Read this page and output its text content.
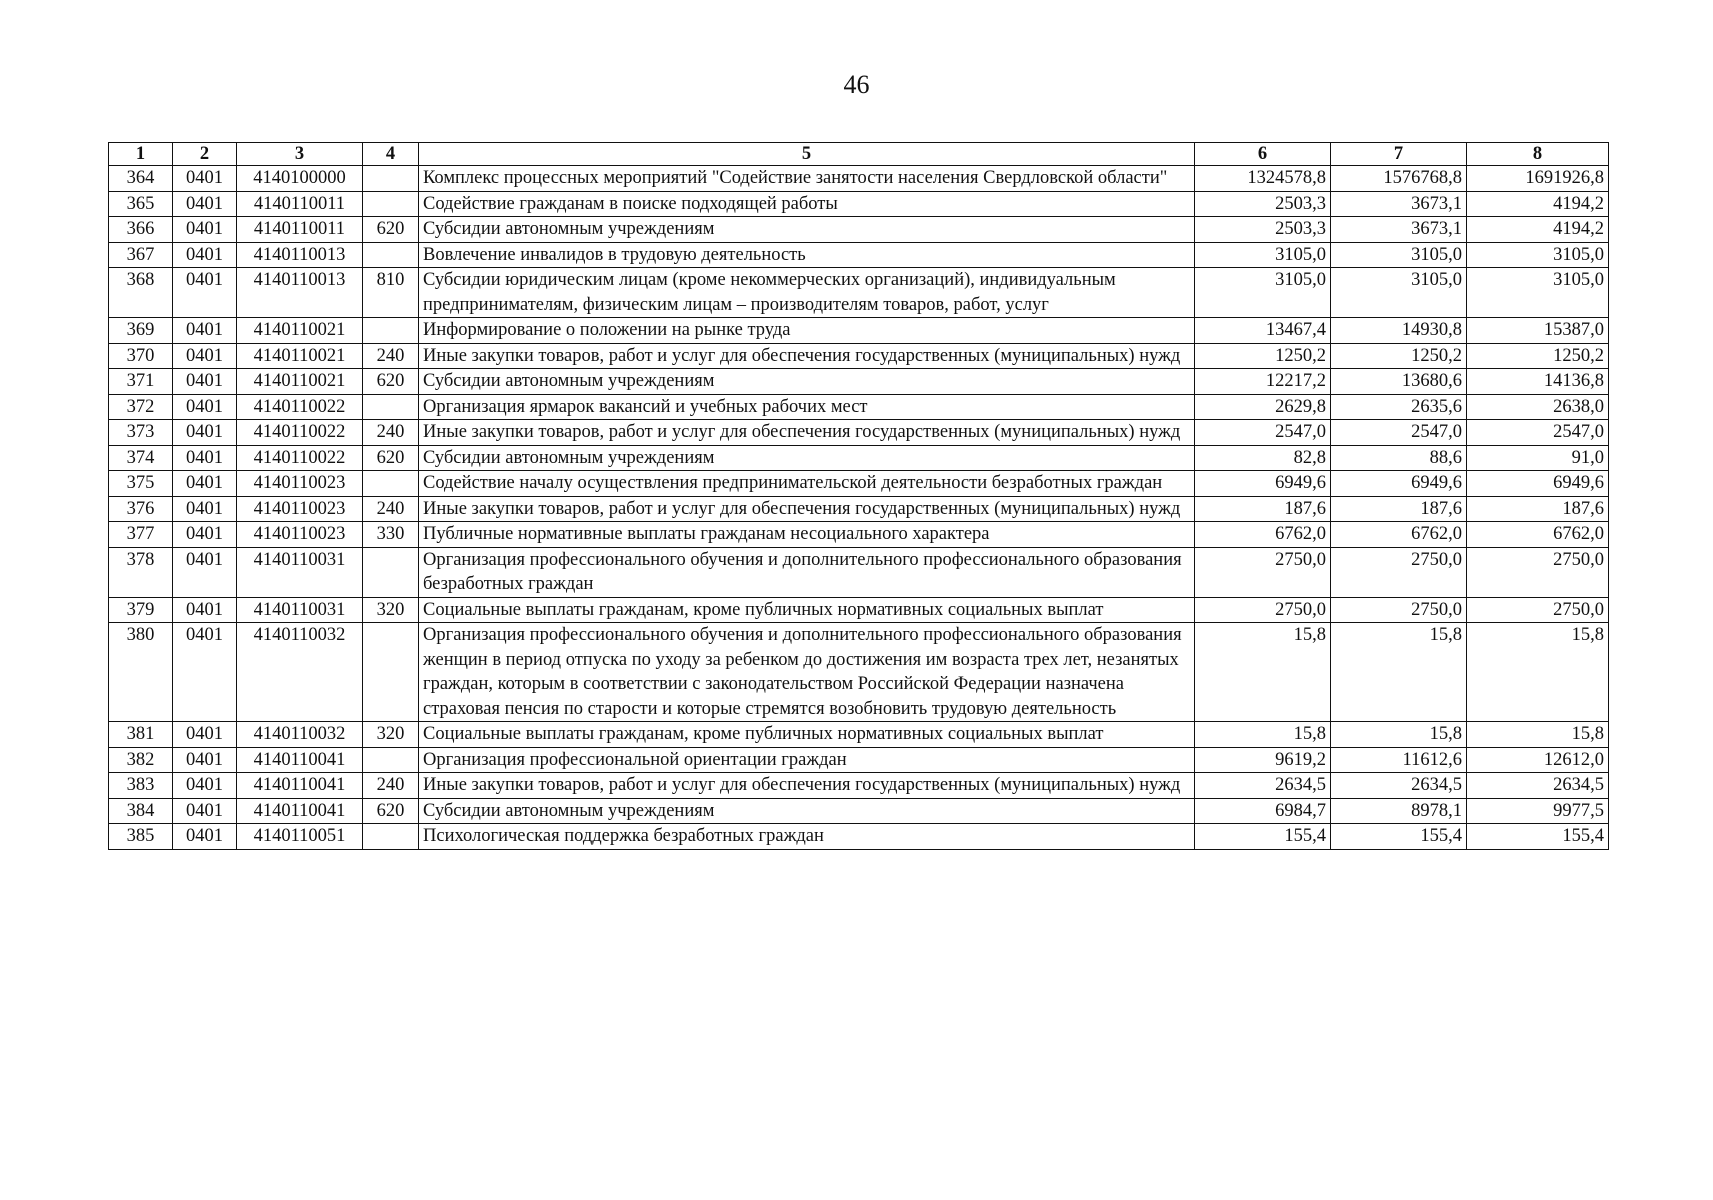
46
1	2	3	4	5	6	7	8
364	0401	4140100000		Комплекс процессных мероприятий "Содействие занятости населения Свердловской области"	1324578,8	1576768,8	1691926,8
365	0401	4140110011		Содействие гражданам в поиске подходящей работы	2503,3	3673,1	4194,2
366	0401	4140110011	620	Субсидии автономным учреждениям	2503,3	3673,1	4194,2
367	0401	4140110013		Вовлечение инвалидов в трудовую деятельность	3105,0	3105,0	3105,0
368	0401	4140110013	810	Субсидии юридическим лицам (кроме некоммерческих организаций), индивидуальным предпринимателям, физическим лицам – производителям товаров, работ, услуг	3105,0	3105,0	3105,0
369	0401	4140110021		Информирование о положении на рынке труда	13467,4	14930,8	15387,0
370	0401	4140110021	240	Иные закупки товаров, работ и услуг для обеспечения государственных (муниципальных) нужд	1250,2	1250,2	1250,2
371	0401	4140110021	620	Субсидии автономным учреждениям	12217,2	13680,6	14136,8
372	0401	4140110022		Организация ярмарок вакансий и учебных рабочих мест	2629,8	2635,6	2638,0
373	0401	4140110022	240	Иные закупки товаров, работ и услуг для обеспечения государственных (муниципальных) нужд	2547,0	2547,0	2547,0
374	0401	4140110022	620	Субсидии автономным учреждениям	82,8	88,6	91,0
375	0401	4140110023		Содействие началу осуществления предпринимательской деятельности безработных граждан	6949,6	6949,6	6949,6
376	0401	4140110023	240	Иные закупки товаров, работ и услуг для обеспечения государственных (муниципальных) нужд	187,6	187,6	187,6
377	0401	4140110023	330	Публичные нормативные выплаты гражданам несоциального характера	6762,0	6762,0	6762,0
378	0401	4140110031		Организация профессионального обучения и дополнительного профессионального образования безработных граждан	2750,0	2750,0	2750,0
379	0401	4140110031	320	Социальные выплаты гражданам, кроме публичных нормативных социальных выплат	2750,0	2750,0	2750,0
380	0401	4140110032		Организация профессионального обучения и дополнительного профессионального образования женщин в период отпуска по уходу за ребенком до достижения им возраста трех лет, незанятых граждан, которым в соответствии с законодательством Российской Федерации назначена страховая пенсия по старости и которые стремятся возобновить трудовую деятельность	15,8	15,8	15,8
381	0401	4140110032	320	Социальные выплаты гражданам, кроме публичных нормативных социальных выплат	15,8	15,8	15,8
382	0401	4140110041		Организация профессиональной ориентации граждан	9619,2	11612,6	12612,0
383	0401	4140110041	240	Иные закупки товаров, работ и услуг для обеспечения государственных (муниципальных) нужд	2634,5	2634,5	2634,5
384	0401	4140110041	620	Субсидии автономным учреждениям	6984,7	8978,1	9977,5
385	0401	4140110051		Психологическая поддержка безработных граждан	155,4	155,4	155,4
